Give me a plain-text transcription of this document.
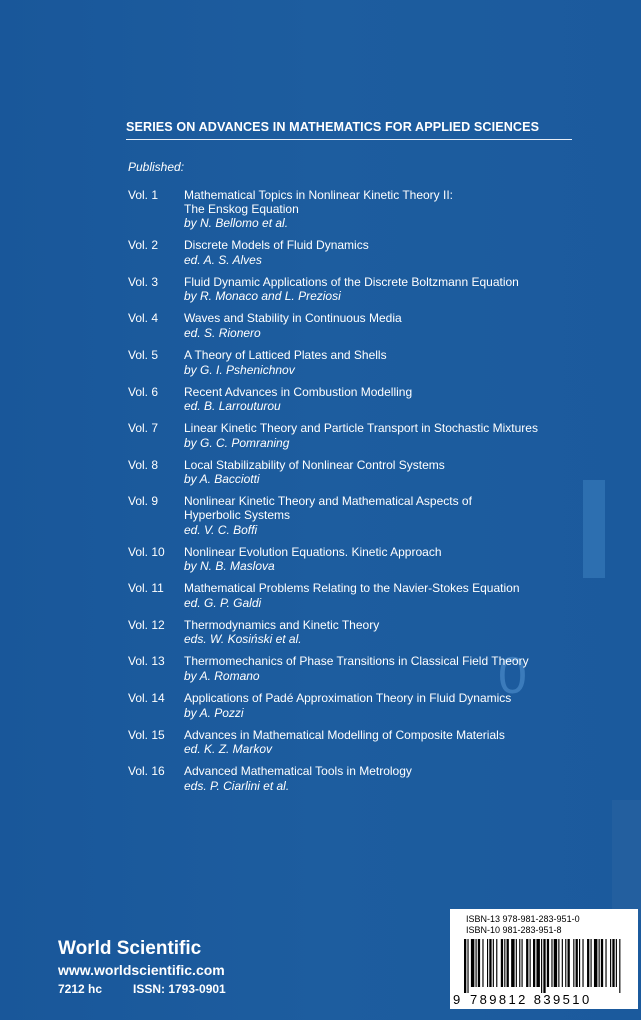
0
SERIES ON ADVANCES IN MATHEMATICS FOR APPLIED SCIENCES
Published:
Vol. 1 Mathematical Topics in Nonlinear Kinetic Theory II:
The Enskog Equation
by N. Bellomo et al.
Vol. 2 Discrete Models of Fluid Dynamics
ed. A. S. Alves
Vol. 3 Fluid Dynamic Applications of the Discrete Boltzmann Equation
by R. Monaco and L. Preziosi
Vol. 4 Waves and Stability in Continuous Media
ed. S. Rionero
Vol. 5 A Theory of Latticed Plates and Shells
by G. I. Pshenichnov
Vol. 6 Recent Advances in Combustion Modelling
ed. B. Larrouturou
Vol. 7 Linear Kinetic Theory and Particle Transport in Stochastic Mixtures
by G. C. Pomraning
Vol. 8 Local Stabilizability of Nonlinear Control Systems
by A. Bacciotti
Vol. 9 Nonlinear Kinetic Theory and Mathematical Aspects of
Hyperbolic Systems
ed. V. C. Boffi
Vol. 10 Nonlinear Evolution Equations. Kinetic Approach
by N. B. Maslova
Vol. 11 Mathematical Problems Relating to the Navier-Stokes Equation
ed. G. P. Galdi
Vol. 12 Thermodynamics and Kinetic Theory
eds. W. Kosiński et al.
Vol. 13 Thermomechanics of Phase Transitions in Classical Field Theory
by A. Romano
Vol. 14 Applications of Padé Approximation Theory in Fluid Dynamics
by A. Pozzi
Vol. 15 Advances in Mathematical Modelling of Composite Materials
ed. K. Z. Markov
Vol. 16 Advanced Mathematical Tools in Metrology
eds. P. Ciarlini et al.
World Scientific
www.worldscientific.com
7212 hc	ISSN: 1793-0901
ISBN-13 978-981-283-951-0
ISBN-10 981-283-951-8
9 789812 839510
